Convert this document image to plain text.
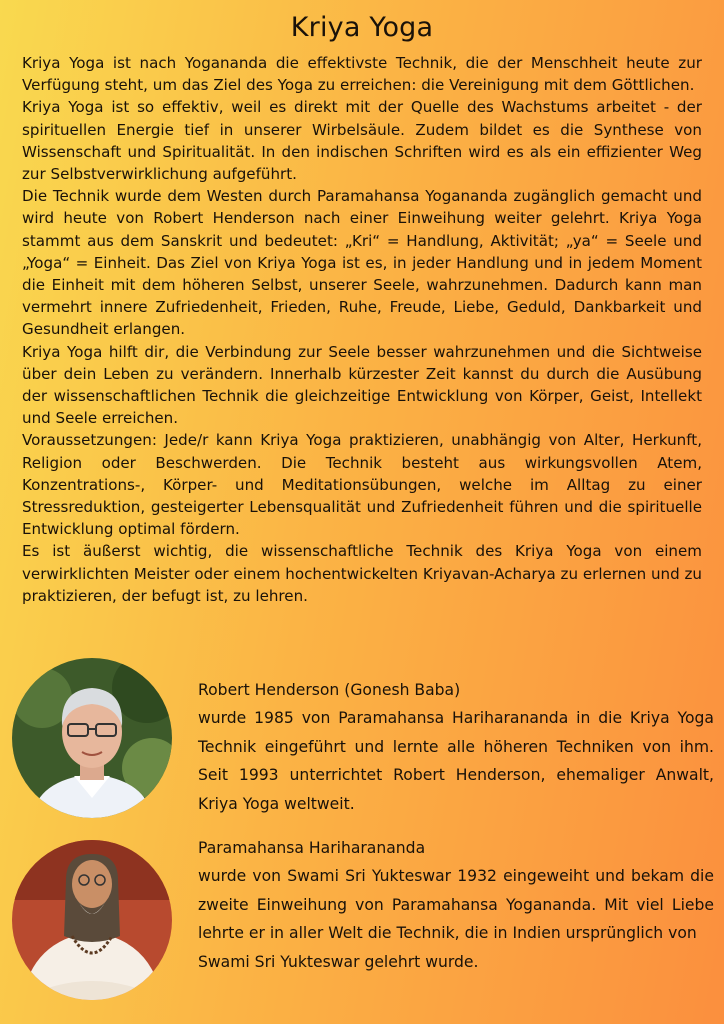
Kriya Yoga

Kriya Yoga ist nach Yogananda die effektivste Technik, die der Menschheit heute zur Verfügung steht, um das Ziel des Yoga zu erreichen: die Vereinigung mit dem Göttlichen.

Kriya Yoga ist so effektiv, weil es direkt mit der Quelle des Wachstums arbeitet - der spirituellen Energie tief in unserer Wirbelsäule. Zudem bildet es die Synthese von Wissenschaft und Spiritualität. In den indischen Schriften wird es als ein effizienter Weg zur Selbstverwirklichung aufgeführt.

Die Technik wurde dem Westen durch Paramahansa Yogananda zugänglich gemacht und wird heute von Robert Henderson nach einer Einweihung weiter gelehrt. Kriya Yoga stammt aus dem Sanskrit und bedeutet: „Kri“ = Handlung, Aktivität; „ya“ = Seele und „Yoga“ = Einheit. Das Ziel von Kriya Yoga ist es, in jeder Handlung und in jedem Moment die Einheit mit dem höheren Selbst, unserer Seele, wahrzunehmen. Dadurch kann man vermehrt innere Zufriedenheit, Frieden, Ruhe, Freude, Liebe, Geduld, Dankbarkeit und Gesundheit erlangen.

Kriya Yoga hilft dir, die Verbindung zur Seele besser wahrzunehmen und die Sichtweise über dein Leben zu verändern. Innerhalb kürzester Zeit kannst du durch die Ausübung der wissenschaftlichen Technik die gleichzeitige Entwicklung von Körper, Geist, Intellekt und Seele erreichen.

Voraussetzungen: Jede/r kann Kriya Yoga praktizieren, unabhängig von Alter, Herkunft, Religion oder Beschwerden. Die Technik besteht aus wirkungsvollen Atem, Konzentrations-, Körper- und Meditationsübungen, welche im Alltag zu einer Stressreduktion, gesteigerter Lebensqualität und Zufriedenheit führen und die spirituelle Entwicklung optimal fördern.

Es ist äußerst wichtig, die wissenschaftliche Technik des Kriya Yoga von einem verwirklichten Meister oder einem hochentwickelten Kriyavan-Acharya zu erlernen und zu praktizieren, der befugt ist, zu lehren.

Robert Henderson (Gonesh Baba)

wurde 1985 von Paramahansa Hariharananda in die Kriya Yoga Technik eingeführt und lernte alle höheren Techniken von ihm. Seit 1993 unterrichtet Robert Henderson, ehemaliger Anwalt, Kriya Yoga weltweit.

Paramahansa Hariharananda

wurde von Swami Sri Yukteswar 1932 eingeweiht und bekam die zweite Einweihung von Paramahansa Yogananda. Mit viel Liebe lehrte er in aller Welt die Technik, die in Indien ursprünglich von

Swami Sri Yukteswar gelehrt wurde.
